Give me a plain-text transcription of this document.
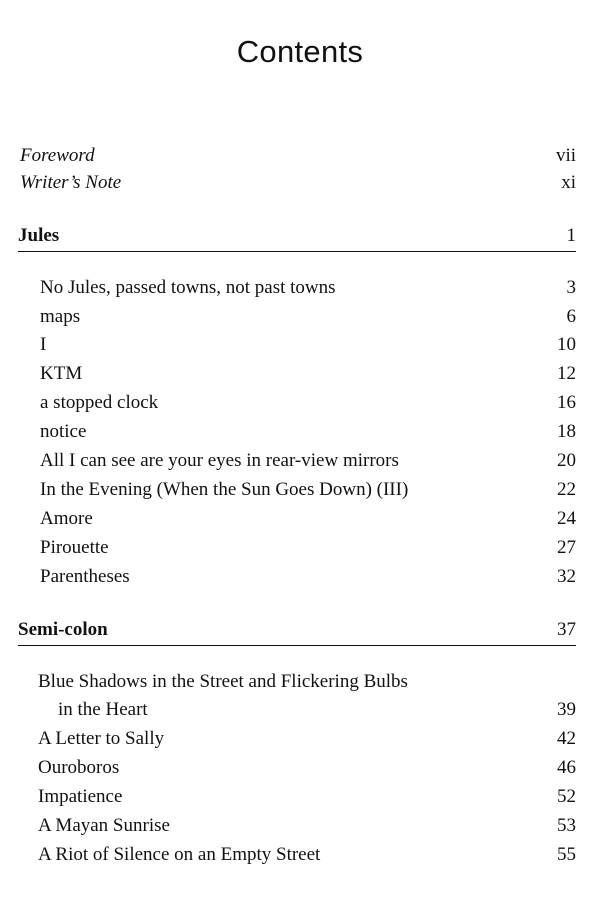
Contents
Foreword	vii
Writer’s Note	xi
Jules	1
No Jules, passed towns, not past towns	3
maps	6
I	10
KTM	12
a stopped clock	16
notice	18
All I can see are your eyes in rear-view mirrors	20
In the Evening (When the Sun Goes Down) (III)	22
Amore	24
Pirouette	27
Parentheses	32
Semi-colon	37
Blue Shadows in the Street and Flickering Bulbs
in the Heart	39
A Letter to Sally	42
Ouroboros	46
Impatience	52
A Mayan Sunrise	53
A Riot of Silence on an Empty Street	55
